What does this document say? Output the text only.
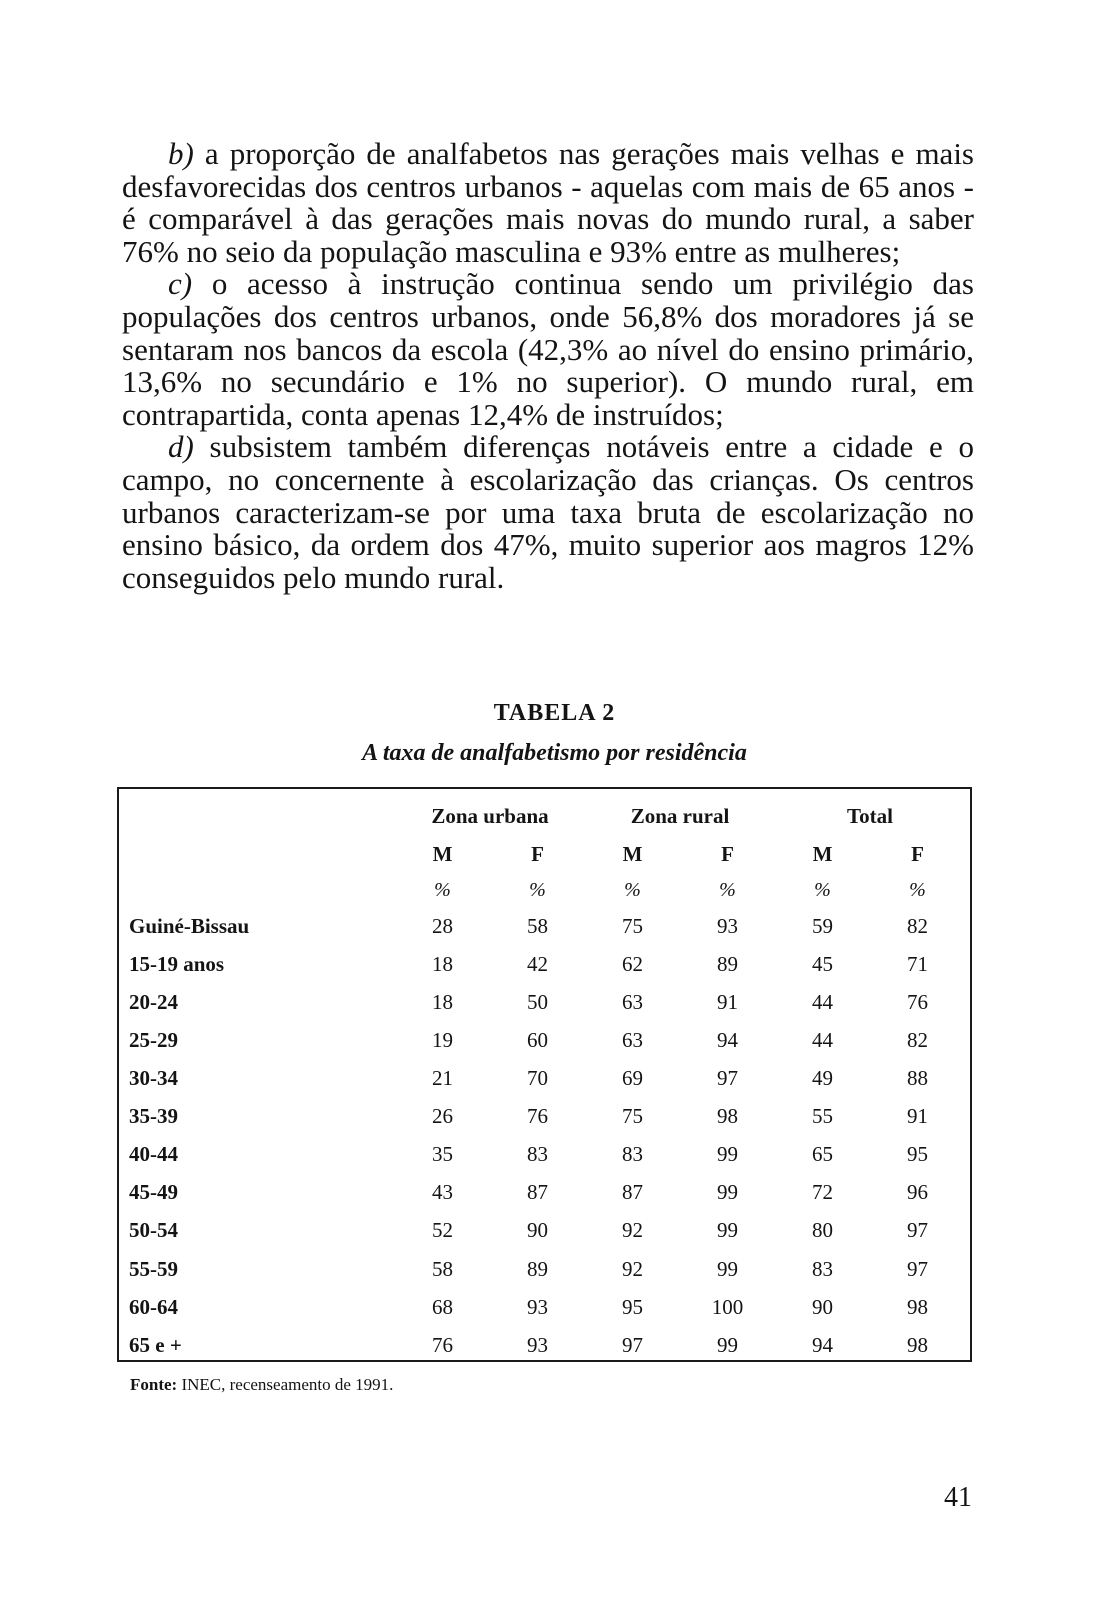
b) a proporção de analfabetos nas gerações mais velhas e mais desfavorecidas dos centros urbanos - aquelas com mais de 65 anos - é comparável à das gerações mais novas do mundo rural, a saber 76% no seio da população masculina e 93% entre as mulheres;

c) o acesso à instrução continua sendo um privilégio das populações dos centros urbanos, onde 56,8% dos moradores já se sentaram nos bancos da escola (42,3% ao nível do ensino primário, 13,6% no secundário e 1% no superior). O mundo rural, em contrapartida, conta apenas 12,4% de instruídos;

d) subsistem também diferenças notáveis entre a cidade e o campo, no concernente à escolarização das crianças. Os centros urbanos caracterizam-se por uma taxa bruta de escolarização no ensino básico, da ordem dos 47%, muito superior aos magros 12% conseguidos pelo mundo rural.

TABELA 2
A taxa de analfabetismo por residência
	Zona urbana		Zona rural		Total	
	M	F	M	F	M	F
	%	%	%	%	%	%
Guiné-Bissau	28	58	75	93	59	82
15-19 anos	18	42	62	89	45	71
20-24	18	50	63	91	44	76
25-29	19	60	63	94	44	82
30-34	21	70	69	97	49	88
35-39	26	76	75	98	55	91
40-44	35	83	83	99	65	95
45-49	43	87	87	99	72	96
50-54	52	90	92	99	80	97
55-59	58	89	92	99	83	97
60-64	68	93	95	100	90	98
65 e +	76	93	97	99	94	98
Fonte: INEC, recenseamento de 1991.
41
